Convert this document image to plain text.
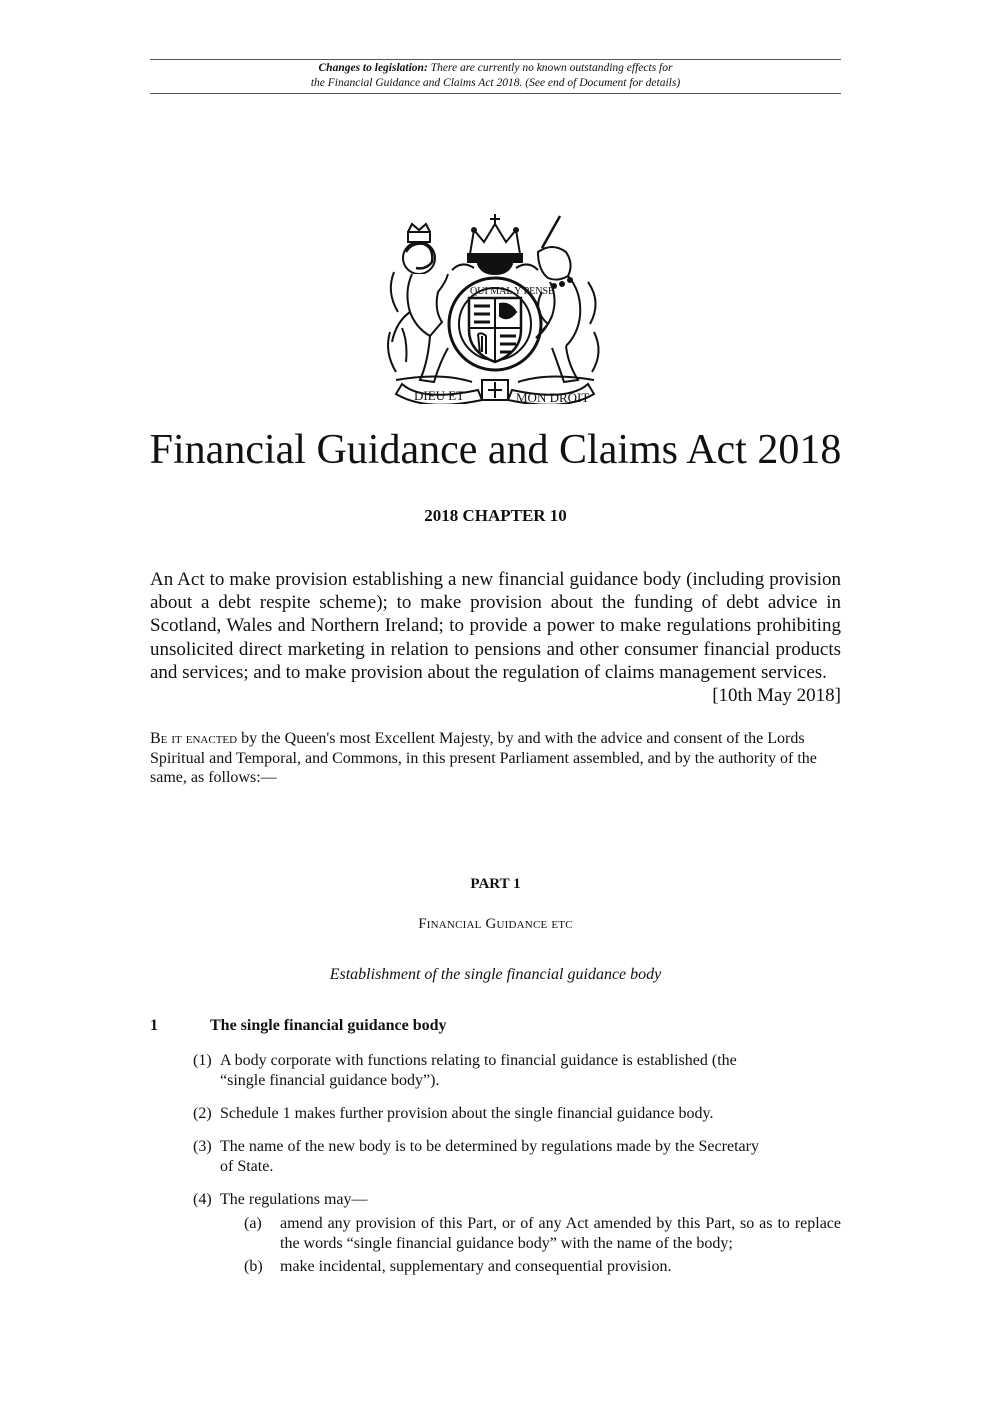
Changes to legislation: There are currently no known outstanding effects for
the Financial Guidance and Claims Act 2018. (See end of Document for details)
DIEU ET	MON DROIT
QUI MAL Y PENSE
Financial Guidance and Claims Act 2018
2018 CHAPTER 10
An Act to make provision establishing a new financial guidance body (including provision about a debt respite scheme); to make provision about the funding of debt advice in Scotland, Wales and Northern Ireland; to provide a power to make regulations prohibiting unsolicited direct marketing in relation to pensions and other consumer financial products and services; and to make provision about the regulation of claims management services.
[10th May 2018]
Be it enacted by the Queen's most Excellent Majesty, by and with the advice and consent of the Lords Spiritual and Temporal, and Commons, in this present Parliament assembled, and by the authority of the same, as follows:—
PART 1
Financial Guidance etc
Establishment of the single financial guidance body
1	The single financial guidance body
(1) A body corporate with functions relating to financial guidance is established (the
“single financial guidance body”).
(2) Schedule 1 makes further provision about the single financial guidance body.
(3) The name of the new body is to be determined by regulations made by the Secretary
of State.
(4) The regulations may—
(a) amend any provision of this Part, or of any Act amended by this Part, so as to replace the words “single financial guidance body” with the name of the body;
(b) make incidental, supplementary and consequential provision.
